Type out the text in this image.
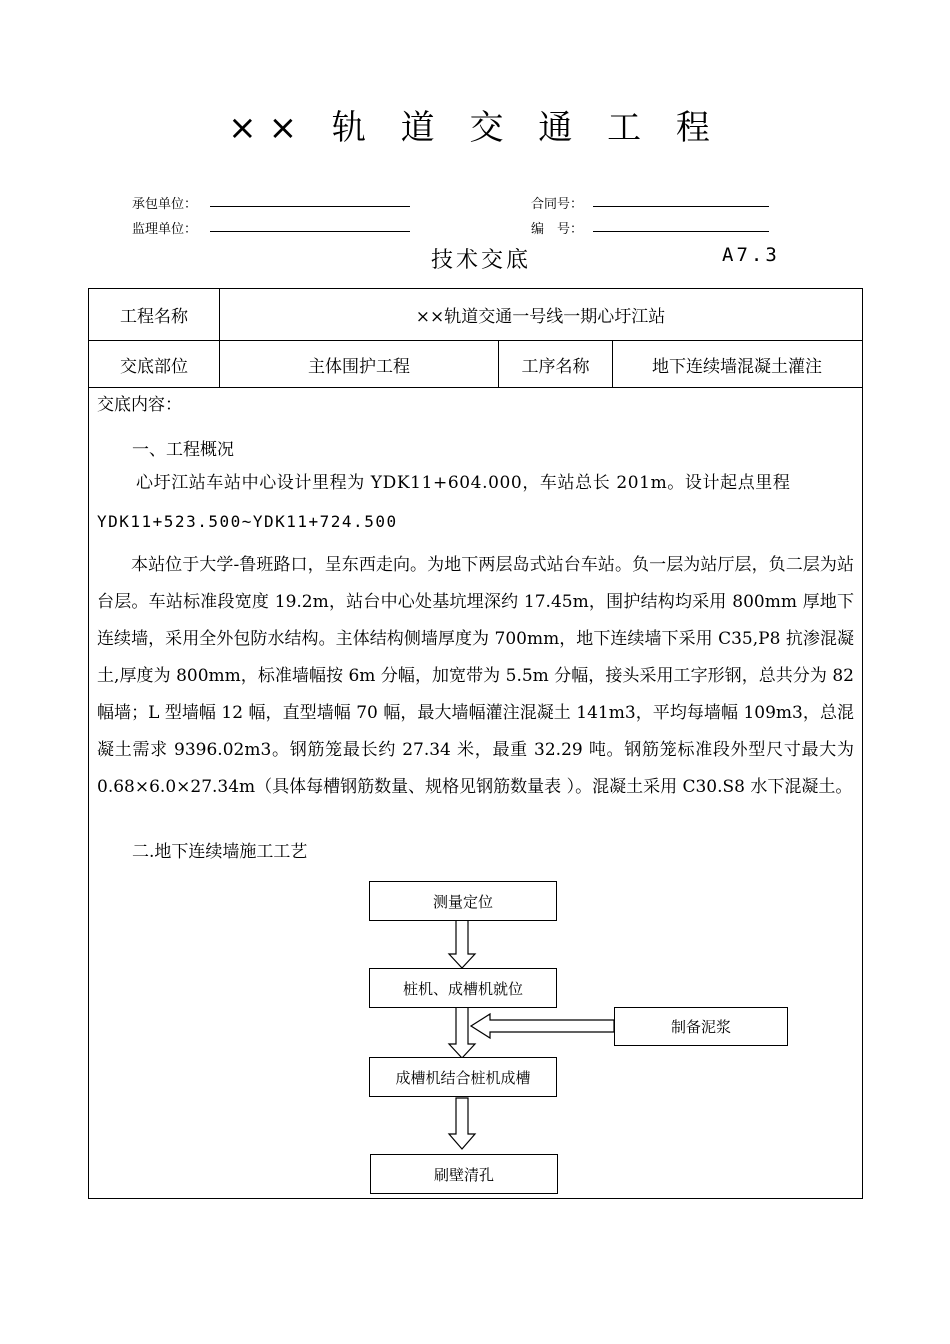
×× 轨 道 交 通 工 程
承包单位：
监理单位：
合同号：
编　号：
技术交底	A7.3
工程名称	××轨道交通一号线一期心圩江站
交底部位	主体围护工程	工序名称	地下连续墙混凝土灌注
交底内容：
一、工程概况
心圩江站车站中心设计里程为 YDK11+604.000，车站总长 201m。设计起点里程
YDK11+523.500~YDK11+724.500
本站位于大学-鲁班路口，呈东西走向。为地下两层岛式站台车站。负一层为站厅层，负二层为站台层。车站标准段宽度 19.2m，站台中心处基坑埋深约 17.45m，围护结构均采用 800mm 厚地下连续墙，采用全外包防水结构。主体结构侧墙厚度为 700mm，地下连续墙下采用 C35,P8 抗渗混凝土,厚度为 800mm，标准墙幅按 6m 分幅，加宽带为 5.5m 分幅，接头采用工字形钢，总共分为 82 幅墙；L 型墙幅 12 幅，直型墙幅 70 幅，最大墙幅灌注混凝土 141m3，平均每墙幅 109m3，总混凝土需求 9396.02m3。钢筋笼最长约 27.34 米，最重 32.29 吨。钢筋笼标准段外型尺寸最大为 0.68×6.0×27.34m（具体每槽钢筋数量、规格见钢筋数量表 ）。混凝土采用 C30.S8 水下混凝土。
二.地下连续墙施工工艺
测量定位
桩机、成槽机就位
成槽机结合桩机成槽
刷壁清孔
制备泥浆
